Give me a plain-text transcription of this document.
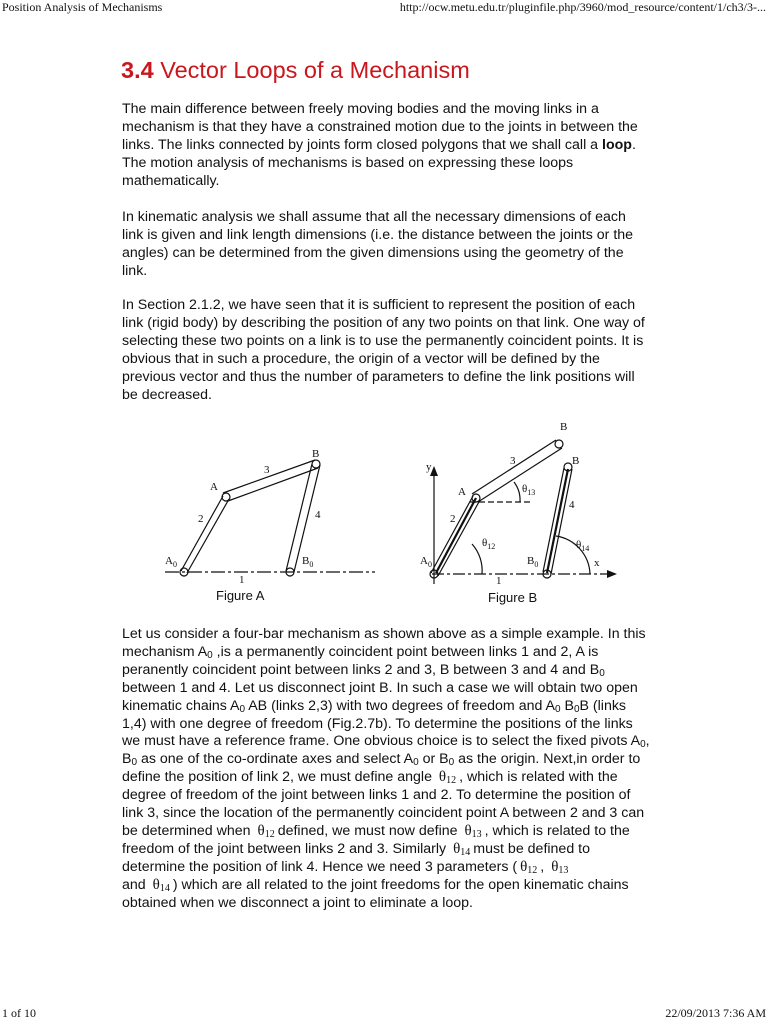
Position Analysis of Mechanisms	http://ocw.metu.edu.tr/pluginfile.php/3960/mod_resource/content/1/ch3/3-...
3.4 Vector Loops of a Mechanism

The main difference between freely moving bodies and the moving links in a mechanism is that they have a constrained motion due to the joints in between the links. The links connected by joints form closed polygons that we shall call a loop. The motion analysis of mechanisms is based on expressing these loops mathematically.

In kinematic analysis we shall assume that all the necessary dimensions of each link is given and link length dimensions (i.e. the distance between the joints or the angles) can be determined from the given dimensions using the geometry of the link.

In Section 2.1.2, we have seen that it is sufficient to represent the position of each link (rigid body) by describing the position of any two points on that link. One way of selecting these two points on a link is to use the permanently coincident points. It is obvious that in such a procedure, the origin of a vector will be defined by the previous vector and thus the number of parameters to define the link positions will be decreased.

A
B
$A_0$	$B_0$
2
3
4
1
Figure A
y
x
A
B
B
$A_0$	$B_0$
2
3
4
1
$\theta_{12}$
$\theta_{13}$
$\theta_{14}$
Figure B

Let us consider a four-bar mechanism as shown above as a simple example. In this mechanism $A_0$ ,is a permanently coincident point between links 1 and 2, A is peranently coincident point between links 2 and 3, B between 3 and 4 and $B_0$ between 1 and 4. Let us disconnect joint B. In such a case we will obtain two open kinematic chains $A_0$ AB (links 2,3) with two degrees of freedom and $A_0$ $B_0B$ (links 1,4) with one degree of freedom (Fig.2.7b). To determine the positions of the links we must have a reference frame. One obvious choice is to select the fixed pivots $A_0$, $B_0$ as one of the co-ordinate axes and select $A_0$ or $B_0$ as the origin. Next,in order to define the position of link 2, we must define angle $\theta_{12}$ , which is related with the degree of freedom of the joint between links 1 and 2. To determine the position of link 3, since the location of the permanently coincident point A between 2 and 3 can be determined when $\theta_{12}$ defined, we must now define $\theta_{13}$ , which is related to the freedom of the joint between links 2 and 3. Similarly $\theta_{14}$ must be defined to determine the position of link 4. Hence we need 3 parameters ( $\theta_{12}$ , $\theta_{13}$
and $\theta_{14}$ ) which are all related to the joint freedoms for the open kinematic chains obtained when we disconnect a joint to eliminate a loop.

1 of 10	22/09/2013 7:36 AM
